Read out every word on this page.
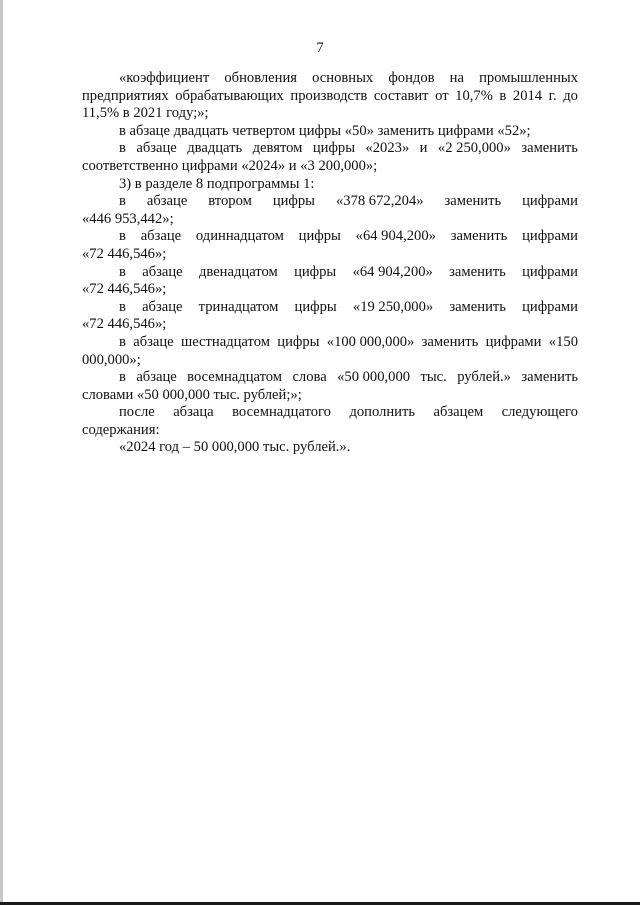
7
«коэффициент обновления основных фондов на промышленных
предприятиях обрабатывающих производств составит от 10,7% в 2014 г. до
11,5% в 2021 году;»;
в абзаце двадцать четвертом цифры «50» заменить цифрами «52»;
в абзаце двадцать девятом цифры «2023» и «2 250,000» заменить
соответственно цифрами «2024» и «3 200,000»;
3) в разделе 8 подпрограммы 1:
в абзаце втором цифры «378 672,204» заменить цифрами
«446 953,442»;
в абзаце одиннадцатом цифры «64 904,200» заменить цифрами
«72 446,546»;
в абзаце двенадцатом цифры «64 904,200» заменить цифрами
«72 446,546»;
в абзаце тринадцатом цифры «19 250,000» заменить цифрами
«72 446,546»;
в абзаце шестнадцатом цифры «100 000,000» заменить цифрами «150
000,000»;
в абзаце восемнадцатом слова «50 000,000 тыс. рублей.» заменить
словами «50 000,000 тыс. рублей;»;
после абзаца восемнадцатого дополнить абзацем следующего
содержания:
«2024 год – 50 000,000 тыс. рублей.».
